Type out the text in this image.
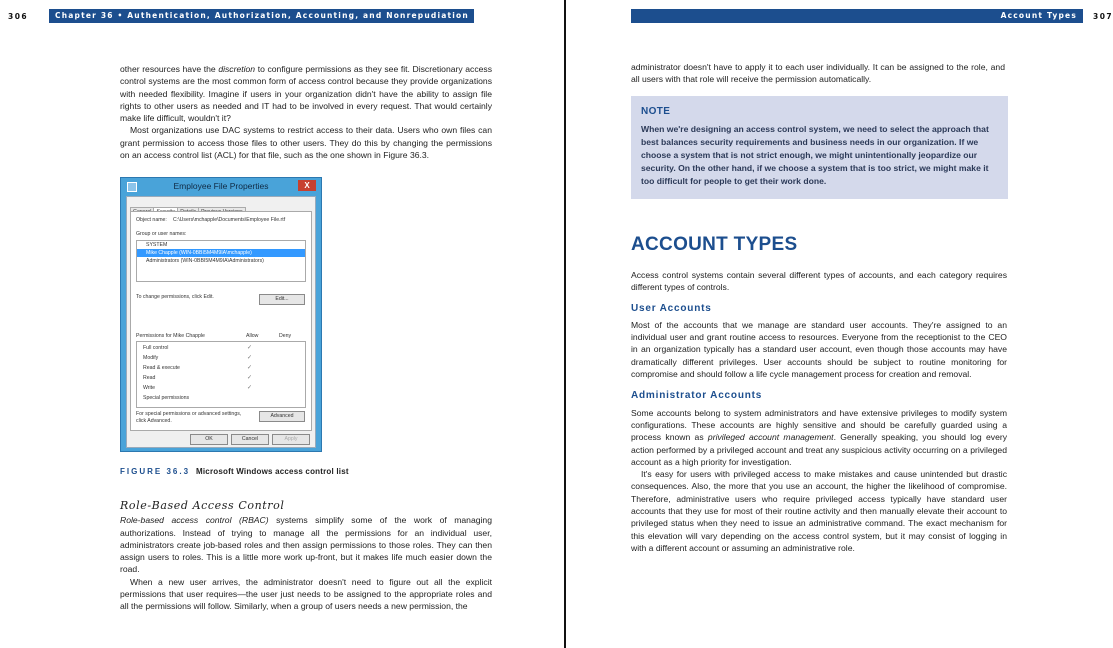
306	Chapter 36 • Authentication, Authorization, Accounting, and Nonrepudiation

other resources have the discretion to configure permissions as they see fit. Discretionary access control systems are the most common form of access control because they provide organizations with needed flexibility. Imagine if users in your organization didn't have the ability to assign file rights to other users as needed and IT had to be involved in every request. That would certainly make life difficult, wouldn't it?

Most organizations use DAC systems to restrict access to their data. Users who own files can grant permission to access those files to other users. They do this by changing the permissions on an access control list (ACL) for that file, such as the one shown in Figure 36.3.

Employee File Properties	X
Object name: C:\Users\mchapple\Documents\Employee File.rtf
Group or user names:
SYSTEM
Mike Chapple (WIN-0BBI5M4M9IA\mchapple)
Administrators (WIN-0BBI5M4M9IA\Administrators)
To change permissions, click Edit.	Edit...
Permissions for Mike Chapple	Allow	Deny
Full control	✓
Modify	✓
Read & execute	✓
Read	✓
Write	✓
Special permissions
For special permissions or advanced settings, click Advanced.
Advanced
OK	Cancel	Apply
FIGURE 36.3 Microsoft Windows access control list
Role-Based Access Control

Role-based access control (RBAC) systems simplify some of the work of managing authorizations. Instead of trying to manage all the permissions for an individual user, administrators create job-based roles and then assign permissions to those roles. They can then assign users to roles. This is a little more work up-front, but it makes life much easier down the road.

When a new user arrives, the administrator doesn't need to figure out all the explicit permissions that user requires—the user just needs to be assigned to the appropriate roles and all the permissions will follow. Similarly, when a group of users needs a new permission, the

Account Types	307

administrator doesn't have to apply it to each user individually. It can be assigned to the role, and all users with that role will receive the permission automatically.

NOTE
When we're designing an access control system, we need to select the approach that best balances security requirements and business needs in our organization. If we choose a system that is not strict enough, we might unintentionally jeopardize our security. On the other hand, if we choose a system that is too strict, we might make it too difficult for people to get their work done.
ACCOUNT TYPES

Access control systems contain several different types of accounts, and each category requires different types of controls.

User Accounts

Most of the accounts that we manage are standard user accounts. They're assigned to an individual user and grant routine access to resources. Everyone from the receptionist to the CEO in an organization typically has a standard user account, even though those accounts may have dramatically different privileges. User accounts should be subject to routine monitoring for compromise and should follow a life cycle management process for creation and removal.

Administrator Accounts

Some accounts belong to system administrators and have extensive privileges to modify system configurations. These accounts are highly sensitive and should be carefully guarded using a process known as privileged account management. Generally speaking, you should log every action performed by a privileged account and treat any suspicious activity occurring on a privileged account as a high priority for investigation.

It's easy for users with privileged access to make mistakes and cause unintended but drastic consequences. Also, the more that you use an account, the higher the likelihood of compromise. Therefore, administrative users who require privileged access typically have standard user accounts that they use for most of their routine activity and then manually elevate their account to privileged status when they need to issue an administrative command. The exact mechanism for this elevation will vary depending on the access control system, but it may consist of logging in with a different account or assuming an administrative role.
